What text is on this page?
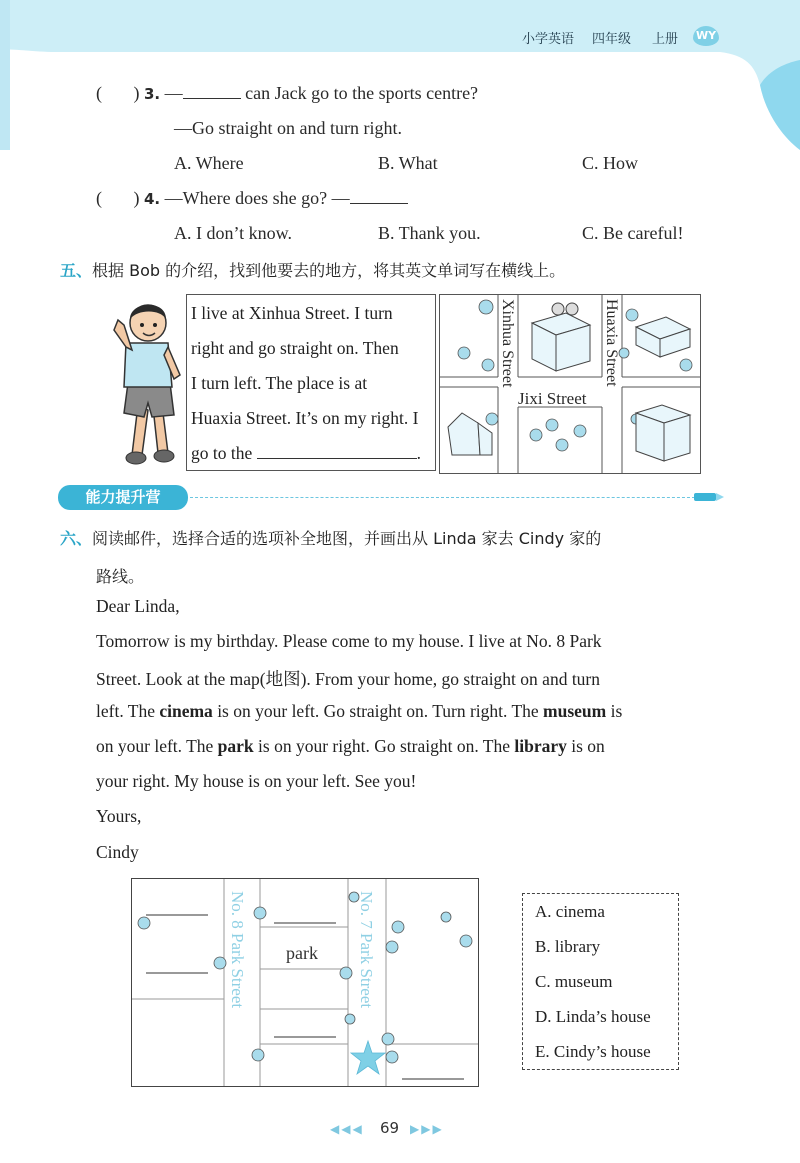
小学英语 四年级 上册 WY
(       ) 3. —	can Jack go to the sports centre?
—Go straight on and turn right.
A. Where	B. What	C. How
(       ) 4. —Where does she go? —
A. I don’t know.	B. Thank you.	C. Be careful!
五、根据 Bob 的介绍，找到他要去的地方，将其英文单词写在横线上。
I live at Xinhua Street. I turn
right and go straight on. Then
I turn left. The place is at
Huaxia Street. It’s on my right. I
go to the	.
Xinhua Street	Huaxia Street
Jixi Street
能力提升营
六、阅读邮件，选择合适的选项补全地图，并画出从 Linda 家去 Cindy 家的
路线。
Dear Linda,
Tomorrow is my birthday. Please come to my house. I live at No. 8 Park
Street. Look at the map(地图). From your home, go straight on and turn
left. The cinema is on your left. Go straight on. Turn right. The museum is
on your left. The park is on your right. Go straight on. The library is on
your right. My house is on your left. See you!
Yours,
Cindy
No. 8 Park Street	No. 7 Park Street
park
A. cinema
B. library
C. museum
D. Linda’s house
E. Cindy’s house
◀◀◀ 69 ▶▶▶
